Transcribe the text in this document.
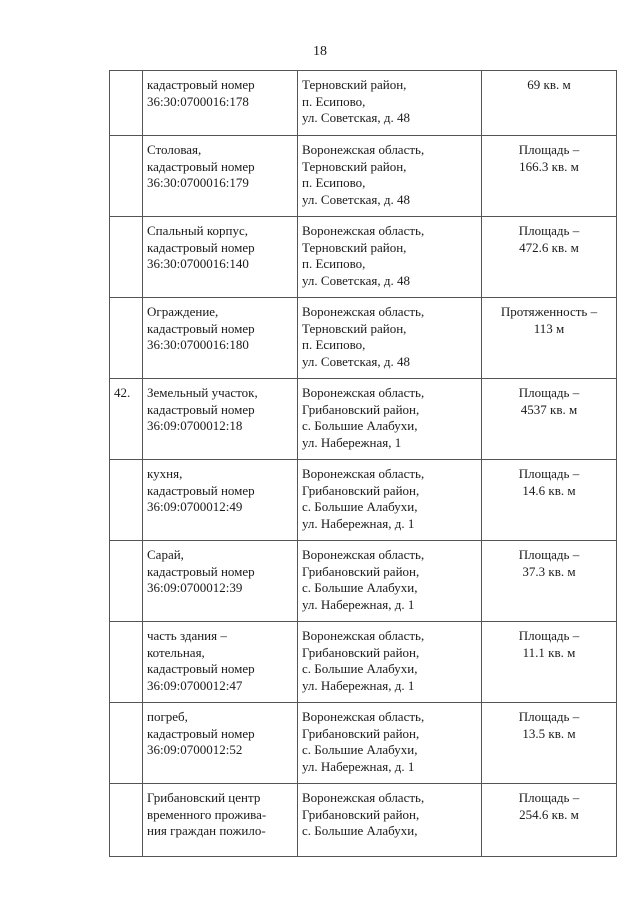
18
	кадастровый номер
36:30:0700016:178	Терновский район,
п. Есипово,
ул. Советская, д. 48	69 кв. м
	Столовая,
кадастровый номер
36:30:0700016:179	Воронежская область,
Терновский район,
п. Есипово,
ул. Советская, д. 48	Площадь –
166.3 кв. м
	Спальный корпус,
кадастровый номер
36:30:0700016:140	Воронежская область,
Терновский район,
п. Есипово,
ул. Советская, д. 48	Площадь –
472.6 кв. м
	Ограждение,
кадастровый номер
36:30:0700016:180	Воронежская область,
Терновский район,
п. Есипово,
ул. Советская, д. 48	Протяженность –
113 м
42.	Земельный участок,
кадастровый номер
36:09:0700012:18	Воронежская область,
Грибановский район,
с. Большие Алабухи,
ул. Набережная, 1	Площадь –
4537 кв. м
	кухня,
кадастровый номер
36:09:0700012:49	Воронежская область,
Грибановский район,
с. Большие Алабухи,
ул. Набережная, д. 1	Площадь –
14.6 кв. м
	Сарай,
кадастровый номер
36:09:0700012:39	Воронежская область,
Грибановский район,
с. Большие Алабухи,
ул. Набережная, д. 1	Площадь –
37.3 кв. м
	часть здания –
котельная,
кадастровый номер
36:09:0700012:47	Воронежская область,
Грибановский район,
с. Большие Алабухи,
ул. Набережная, д. 1	Площадь –
11.1 кв. м
	погреб,
кадастровый номер
36:09:0700012:52	Воронежская область,
Грибановский район,
с. Большие Алабухи,
ул. Набережная, д. 1	Площадь –
13.5 кв. м
	Грибановский центр
временного прожива-
ния граждан пожило-	Воронежская область,
Грибановский район,
с. Большие Алабухи,	Площадь –
254.6 кв. м
